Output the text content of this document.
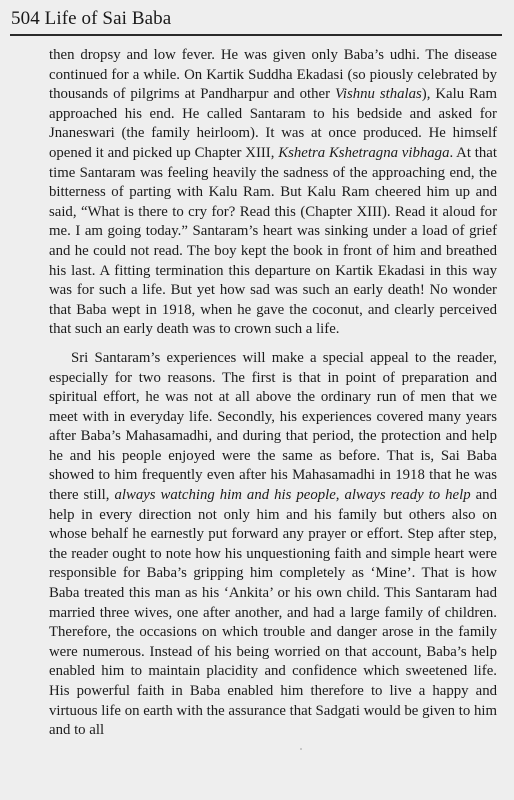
504 Life of Sai Baba

then dropsy and low fever. He was given only Baba’s udhi. The disease continued for a while. On Kartik Suddha Ekadasi (so piously celebrated by thousands of pilgrims at Pandharpur and other Vishnu sthalas), Kalu Ram approached his end. He called Santaram to his bedside and asked for Jnaneswari (the family heirloom). It was at once produced. He himself opened it and picked up Chapter XIII, Kshetra Kshetragna vibhaga. At that time Santaram was feeling heavily the sadness of the approaching end, the bitterness of parting with Kalu Ram. But Kalu Ram cheered him up and said, “What is there to cry for? Read this (Chapter XIII). Read it aloud for me. I am going today.” Santaram’s heart was sinking under a load of grief and he could not read. The boy kept the book in front of him and breathed his last. A fitting termination this departure on Kartik Ekadasi in this way was for such a life. But yet how sad was such an early death! No wonder that Baba wept in 1918, when he gave the coconut, and clearly perceived that such an early death was to crown such a life.

Sri Santaram’s experiences will make a special appeal to the reader, especially for two reasons. The first is that in point of preparation and spiritual effort, he was not at all above the ordinary run of men that we meet with in everyday life. Secondly, his experiences covered many years after Baba’s Mahasamadhi, and during that period, the protection and help he and his people enjoyed were the same as before. That is, Sai Baba showed to him frequently even after his Mahasamadhi in 1918 that he was there still, always watching him and his people, always ready to help and help in every direction not only him and his family but others also on whose behalf he earnestly put forward any prayer or effort. Step after step, the reader ought to note how his unquestioning faith and simple heart were responsible for Baba’s gripping him completely as ‘Mine’. That is how Baba treated this man as his ‘Ankita’ or his own child. This Santaram had married three wives, one after another, and had a large family of children. Therefore, the occasions on which trouble and danger arose in the family were numerous. Instead of his being worried on that account, Baba’s help enabled him to maintain placidity and confidence which sweetened life. His powerful faith in Baba enabled him therefore to live a happy and virtuous life on earth with the assurance that Sadgati would be given to him and to all
